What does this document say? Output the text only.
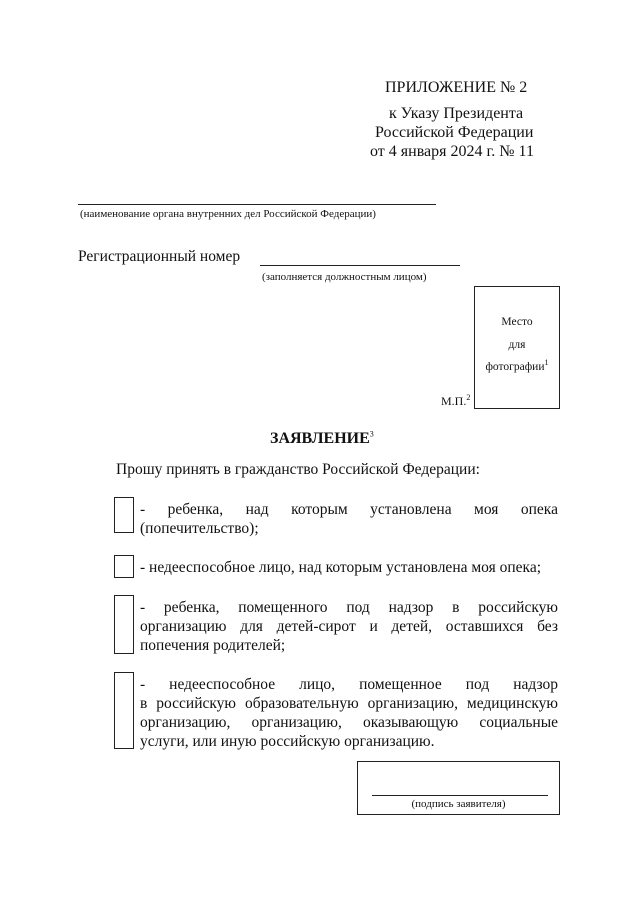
ПРИЛОЖЕНИЕ № 2
к Указу Президента
Российской Федерации
от 4 января 2024 г. № 11
(наименование органа внутренних дел Российской Федерации)
Регистрационный номер
(заполняется должностным лицом)
Место
для
фотографии$^1$
М.П.$^2$
ЗАЯВЛЕНИЕ$^3$
Прошу принять в гражданство Российской Федерации:
- ребенка, над которым установлена моя опека
(попечительство);
- недееспособное лицо, над которым установлена моя опека;
- ребенка, помещенного под надзор в российскую
организацию для детей-сирот и детей, оставшихся без попечения родителей;
- недееспособное лицо, помещенное под надзор
в российскую образовательную организацию, медицинскую организацию, организацию, оказывающую социальные услуги, или иную российскую организацию.
(подпись заявителя)
